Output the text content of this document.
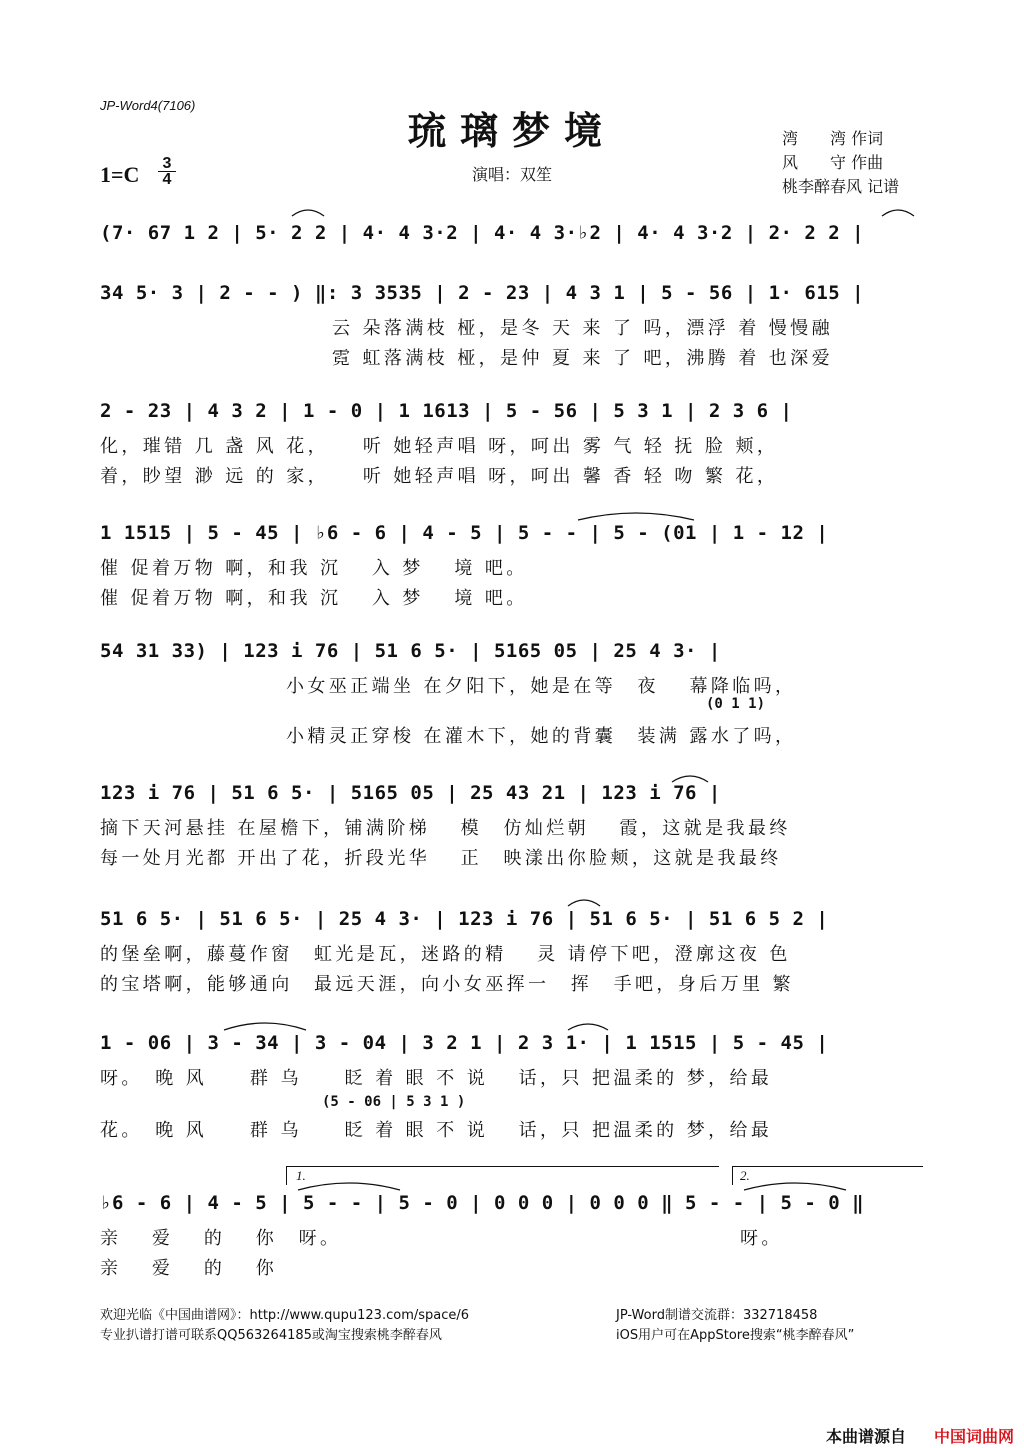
JP-Word4(7106)
琉璃梦境
1=C 3
4	演唱：双笙
湾　　湾 作词
风　　守 作曲
桃李醉春风 记谱
(7· 67 1 2 | 5· 2 2 | 4· 4 3·2 | 4· 4 3·♭2 | 4· 4 3·2 | 2· 2 2 |
34 5· 3 | 2 - - ) ‖: 3 3535 | 2 - 23 | 4 3 1 | 5 - 56 | 1· 615 |
云 朵落满枝 桠，是冬 天 来 了 吗，漂浮 着 慢慢融
霓 虹落满枝 桠，是仲 夏 来 了 吧，沸腾 着 也深爱
2 - 23 | 4 3 2 | 1 - 0 | 1 1613 | 5 - 56 | 5 3 1 | 2 3 6 |
化，璀错 几 盏 风 花，　　听 她轻声唱 呀，呵出 雾 气 轻 抚 脸 颊，
着，眇望 渺 远 的 家，　　听 她轻声唱 呀，呵出 馨 香 轻 吻 繁 花，
1 1515 | 5 - 45 | ♭6 - 6 | 4 - 5 | 5 - - | 5 - (01 | 1 - 12 |
催 促着万物 啊，和我 沉　 入 梦　 境 吧。
催 促着万物 啊，和我 沉　 入 梦　 境 吧。
54 31 33) | 123 i 76 | 51 6 5· | 5165 05 | 25 4 3· |
小女巫正端坐 在夕阳下，她是在等　夜　 幕降临吗，
(0 1 1)
小精灵正穿梭 在灌木下，她的背囊　装满 露水了吗，
123 i 76 | 51 6 5· | 5165 05 | 25 43 21 | 123 i 76 |
摘下天河悬挂 在屋檐下，铺满阶梯　 模　仿灿烂朝　 霞，这就是我最终
每一处月光都 开出了花，折段光华　 正　映漾出你脸颊，这就是我最终
51 6 5· | 51 6 5· | 25 4 3· | 123 i 76 | 51 6 5· | 51 6 5 2 |
的堡垒啊，藤蔓作窗　虹光是瓦，迷路的精　 灵 请停下吧，澄廓这夜 色
的宝塔啊，能够通向　最远天涯，向小女巫挥一　挥　手吧，身后万里 繁
1 - 06 | 3 - 34 | 3 - 04 | 3 2 1 | 2 3 1· | 1 1515 | 5 - 45 |
呀。　晚 风　　群 乌　　眨 着 眼 不 说　 话，只 把温柔的 梦，给最
(5 - 06 | 5 3 1 )
花。　晚 风　　群 乌　　眨 着 眼 不 说　 话，只 把温柔的 梦，给最
1.	2.
♭6 - 6 | 4 - 5 | 5 - - | 5 - 0 | 0 0 0 | 0 0 0 ‖ 5 - - | 5 - 0 ‖
亲　 爱　 的　 你　呀。	呀。
亲　 爱　 的　 你
欢迎光临《中国曲谱网》：http://www.qupu123.com/space/6
专业扒谱打谱可联系QQ563264185或淘宝搜索桃李醉春风
JP-Word制谱交流群：332718458
iOS用户可在AppStore搜索“桃李醉春风”
本曲谱源自 中国词曲网
